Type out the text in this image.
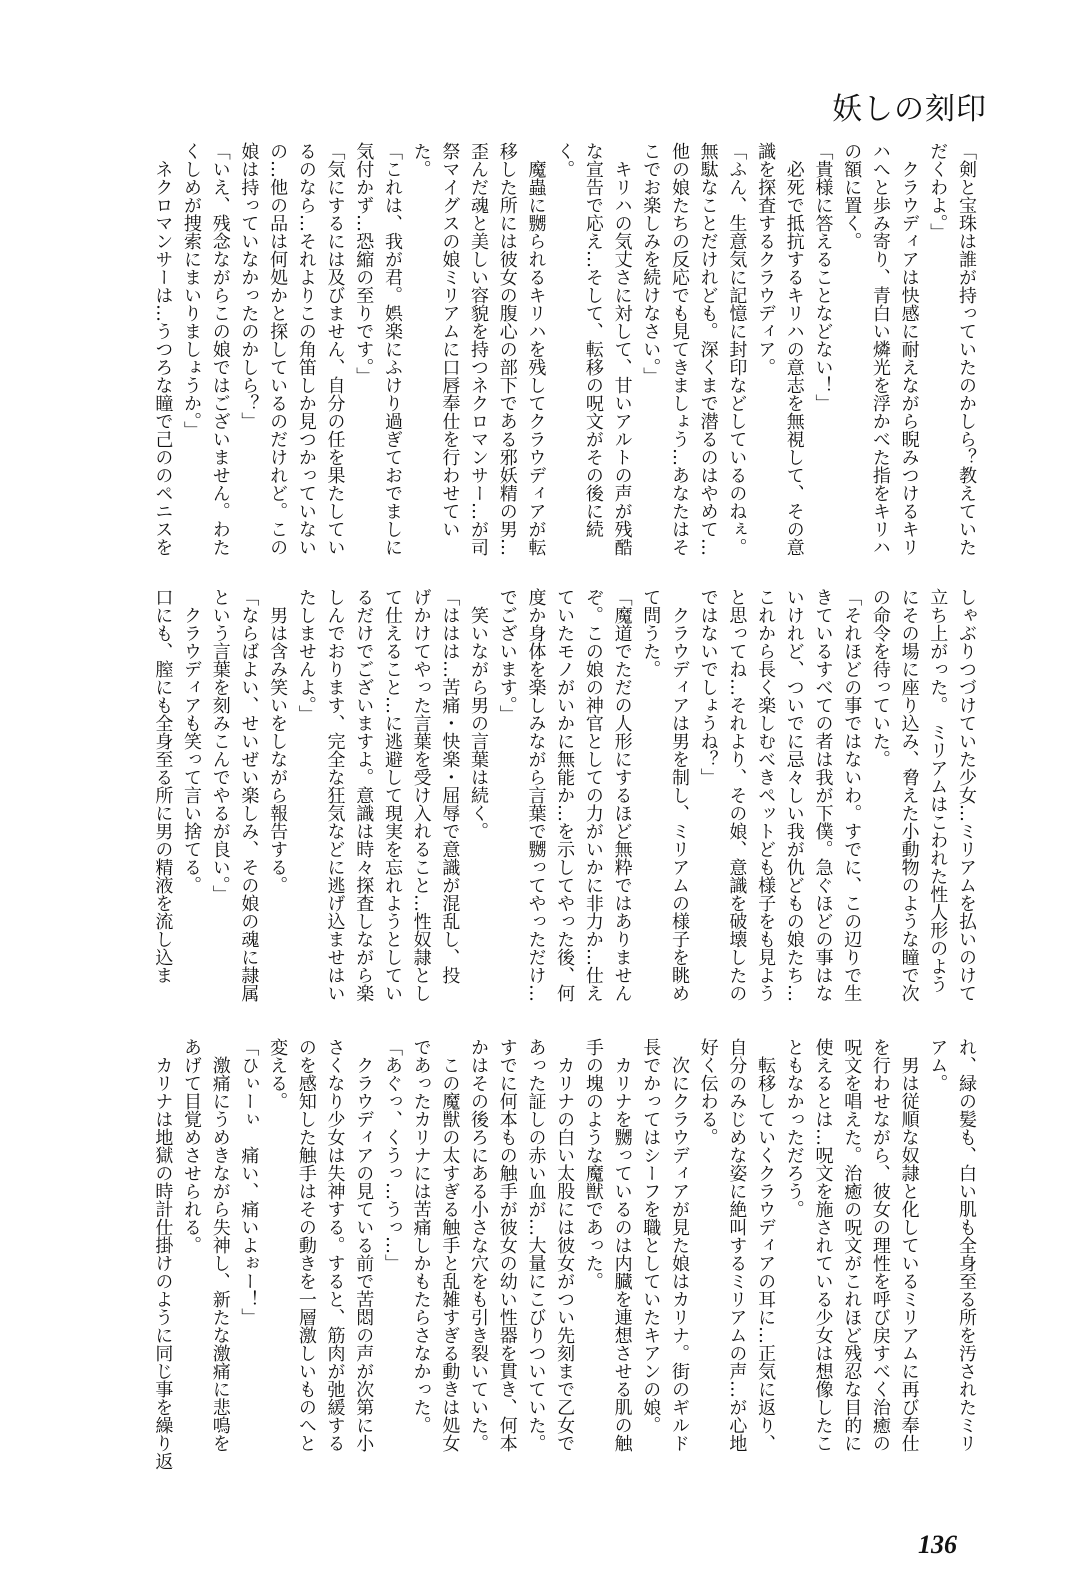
妖しの刻印
「剣と宝珠は誰が持っていたのかしら？教えていた
だくわよ。」
　クラウディアは快感に耐えながら睨みつけるキリ
ハへと歩み寄り、青白い燐光を浮かべた指をキリハ
の額に置く。
「貴様に答えることなどない！」
　必死で抵抗するキリハの意志を無視して、その意
識を探査するクラウディア。
「ふん、生意気に記憶に封印などしているのねぇ。
無駄なことだけれども。深くまで潜るのはやめて…
他の娘たちの反応でも見てきましょう…あなたはそ
こでお楽しみを続けなさい。」
　キリハの気丈さに対して、甘いアルトの声が残酷
な宣告で応え…そして、転移の呪文がその後に続
く。
　魔蟲に嬲られるキリハを残してクラウディアが転
移した所には彼女の腹心の部下である邪妖精の男…
歪んだ魂と美しい容貌を持つネクロマンサー…が司
祭マイグスの娘ミリアムに口唇奉仕を行わせてい
た。
「これは、我が君。娯楽にふけり過ぎておでましに
気付かず…恐縮の至りです。」
「気にするには及びません、自分の任を果たしてい
るのなら…それよりこの角笛しか見つかっていない
の…他の品は何処かと探しているのだけれど。この
娘は持っていなかったのかしら？」
「いえ、残念ながらこの娘ではございません。わた
くしめが捜索にまいりましょうか。」
　ネクロマンサーは…うつろな瞳で己ののペニスを
しゃぶりつづけていた少女…ミリアムを払いのけて
立ち上がった。　ミリアムはこわれた性人形のよう
にその場に座り込み、脅えた小動物のような瞳で次
の命令を待っていた。
「それほどの事ではないわ。すでに、この辺りで生
きているすべての者は我が下僕。急ぐほどの事はな
いけれど、ついでに忌々しい我が仇どもの娘たち…
これから長く楽しむべきペットども様子をも見よう
と思ってね…それより、その娘、意識を破壊したの
ではないでしょうね？」
　クラウディアは男を制し、ミリアムの様子を眺め
て問うた。
「魔道でただの人形にするほど無粋ではありません
ぞ。この娘の神官としての力がいかに非力か…仕え
ていたモノがいかに無能か…を示してやった後、何
度か身体を楽しみながら言葉で嬲ってやっただけ…
でございます。」
　笑いながら男の言葉は続く。
「ははは…苦痛・快楽・屈辱で意識が混乱し、投
げかけてやった言葉を受け入れること…性奴隷とし
て仕えること…に逃避して現実を忘れようとしてい
るだけでございますよ。意識は時々探査しながら楽
しんでおります、完全な狂気などに逃げ込ませはい
たしませんよ。」
　男は含み笑いをしながら報告する。
「ならばよい、せいぜい楽しみ、その娘の魂に隷属
という言葉を刻みこんでやるが良い。」
　クラウディアも笑って言い捨てる。
口にも、膣にも全身至る所に男の精液を流し込ま
れ、緑の髪も、白い肌も全身至る所を汚されたミリ
アム。
　男は従順な奴隷と化しているミリアムに再び奉仕
を行わせながら、彼女の理性を呼び戻すべく治癒の
呪文を唱えた。治癒の呪文がこれほど残忍な目的に
使えるとは…呪文を施されている少女は想像したこ
ともなかっただろう。
　転移していくクラウディアの耳に…正気に返り、
自分のみじめな姿に絶叫するミリアムの声…が心地
好く伝わる。
　次にクラウディアが見た娘はカリナ。街のギルド
長でかってはシーフを職としていたキアンの娘。
　カリナを嬲っているのは内臓を連想させる肌の触
手の塊のような魔獣であった。
　カリナの白い太股には彼女がつい先刻まで乙女で
あった証しの赤い血が…大量にこびりついていた。
すでに何本もの触手が彼女の幼い性器を貫き、何本
かはその後ろにある小さな穴をも引き裂いていた。
　この魔獣の太すぎる触手と乱雑すぎる動きは処女
であったカリナには苦痛しかもたらさなかった。
「あぐっ、くうっ…うっ…」
　クラウディアの見ている前で苦悶の声が次第に小
さくなり少女は失神する。すると、筋肉が弛緩する
のを感知した触手はその動きを一層激しいものへと
変える。
「ひぃーぃ　痛い、痛いよぉー！」
　激痛にうめきながら失神し、新たな激痛に悲鳴を
あげて目覚めさせられる。
　カリナは地獄の時計仕掛けのように同じ事を繰り返
136
